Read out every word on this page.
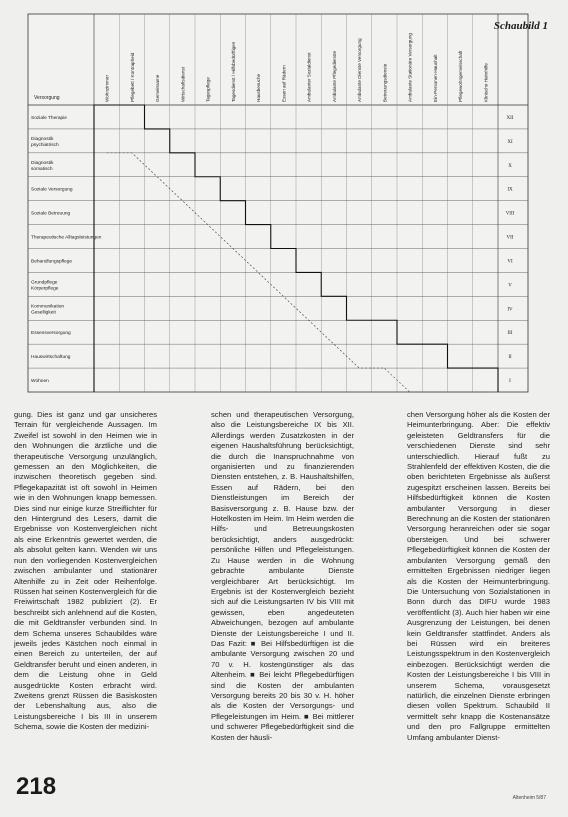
Versorgung	Wohnzimmer	Pflegebett / Kontrapheid	Gemeinsame	Wirtschaftsdienst	Tagespflege	Tagesdienst / Hilfsbedürftigen	Hausbesuche	Essen auf Rädern	Ambulanter Sozialdienst	Ambulante Pflegedienste	Ambulante Dienste Versorgung	Betreuungsdienste	Ambulante Stationäre Versorgung	Ein-Personen-Haushalt	Pflegewohngemeinschaft	Klinische Heimhilfe
Soziale Therapie	XII
Diagnostik
psychiatrisch
XI
Diagnostik
somatisch
X
Soziale Versorgung	IX
Soziale Betreuung	VIII
Therapeutische Alltagsleistungen	VII
Behandlungspflege	VI
Grundpflege
Körperpflege
V
Kommunikation
Geselligkeit
IV
Essensversorgung	III
Hauswirtschaftung	II
Wohnen	I
Schaubild 1

gung. Dies ist ganz und gar unsicheres Terrain für vergleichende Aussagen. Im Zweifel ist sowohl in den Heimen wie in den Wohnungen die ärztliche und die therapeutische Versorgung unzulänglich, gemessen an den Möglichkeiten, die inzwischen theoretisch gegeben sind. Pflegekapazität ist oft sowohl in Heimen wie in den Wohnungen knapp bemessen. Dies sind nur einige kurze Streiflichter für den Hintergrund des Lesers, damit die Ergebnisse von Kostenvergleichen nicht als eine Erkenntnis gewertet werden, die als absolut gelten kann. Wenden wir uns nun den vorliegenden Kostenvergleichen zwischen ambulanter und stationärer Altenhilfe zu in Zeit oder Reihenfolge. Rüssen hat seinen Kostenvergleich für die Freiwirtschaft 1982 publiziert (2). Er beschreibt sich anlehnend auf die Kosten, die mit Geldtransfer verbunden sind. In dem Schema unseres Schaubildes wäre jeweils jedes Kästchen noch einmal in einen Bereich zu unterteilen, der auf Geldtransfer beruht und einen anderen, in dem die Leistung ohne in Geld ausgedrückte Kosten erbracht wird. Zweitens grenzt Rüssen die Basiskosten der Lebenshaltung aus, also die Leistungsbereiche I bis III in unserem Schema, sowie die Kosten der medizini-

schen und therapeutischen Versorgung, also die Leistungsbereiche IX bis XII. Allerdings werden Zusatzkosten in der eigenen Haushaltsführung berücksichtigt, die durch die Inanspruchnahme von organisierten und zu finanzierenden Diensten entstehen, z. B. Haushaltshilfen, Essen auf Rädern, bei den Dienstleistungen im Bereich der Basisversorgung z. B. Hause bzw. der Hotelkosten im Heim. Im Heim werden die Hilfs- und Betreuungskosten berücksichtigt, anders ausgedrückt: persönliche Hilfen und Pflegeleistungen. Zu Hause werden in die Wohnung gebrachte ambulante Dienste vergleichbarer Art berücksichtigt. Im Ergebnis ist der Kostenvergleich bezieht sich auf die Leistungsarten IV bis VIII mit gewissen, eben angedeuteten Abweichungen, bezogen auf ambulante Dienste der Leistungsbereiche I und II. Das Fazit: ■ Bei Hilfsbedürftigen ist die ambulante Versorgung zwischen 20 und 70 v. H. kostengünstiger als das Altenheim. ■ Bei leicht Pflegebedürftigen sind die Kosten der ambulanten Versorgung bereits 20 bis 30 v. H. höher als die Kosten der Versorgungs- und Pflegeleistungen im Heim. ■ Bei mittlerer und schwerer Pflegebedürftigkeit sind die Kosten der häusli-

chen Versorgung höher als die Kosten der Heimunterbringung. Aber: Die effektiv geleisteten Geldtransfers für die verschiedenen Dienste sind sehr unterschiedlich. Hierauf fußt zu Strahlenfeld der effektiven Kosten, die die oben berichteten Ergebnisse als äußerst zugespitzt erscheinen lassen. Bereits bei Hilfsbedürftigkeit können die Kosten ambulanter Versorgung in dieser Berechnung an die Kosten der stationären Versorgung heranreichen oder sie sogar übersteigen. Und bei schwerer Pflegebedürftigkeit können die Kosten der ambulanten Versorgung gemäß den ermittelten Ergebnissen niedriger liegen als die Kosten der Heimunterbringung. Die Untersuchung von Sozialstationen in Bonn durch das DIFU wurde 1983 veröffentlicht (3). Auch hier haben wir eine Ausgrenzung der Leistungen, bei denen kein Geldtransfer stattfindet. Anders als bei Rüssen wird ein breiteres Leistungsspektrum in den Kostenvergleich einbezogen. Berücksichtigt werden die Kosten der Leistungsbereiche I bis VIII in unserem Schema, vorausgesetzt natürlich, die einzelnen Dienste erbringen diesen vollen Spektrum. Schaubild II vermittelt sehr knapp die Kostenansätze und den pro Fallgruppe ermittelten Umfang ambulanter Dienst-

218	Altenheim 5/87
